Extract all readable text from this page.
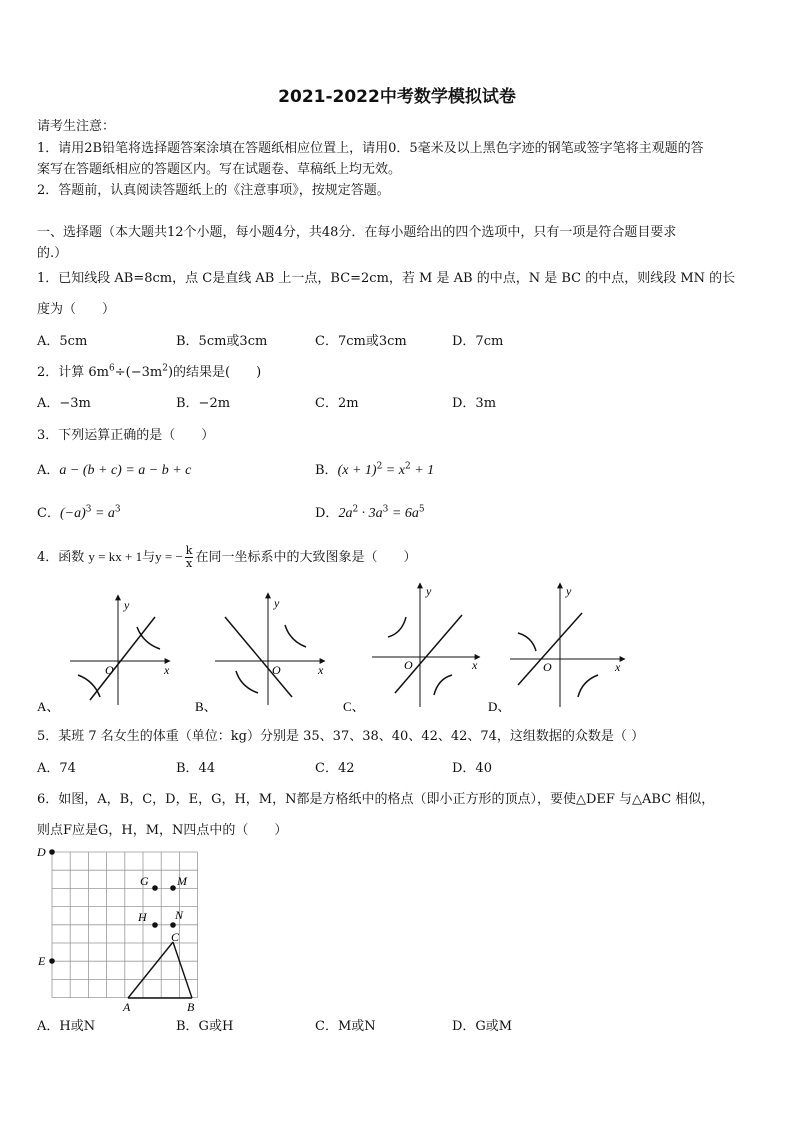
2021-2022中考数学模拟试卷
请考生注意：
1．请用2B铅笔将选择题答案涂填在答题纸相应位置上，请用0．5毫米及以上黑色字迹的钢笔或签字笔将主观题的答
案写在答题纸相应的答题区内。写在试题卷、草稿纸上均无效。
2．答题前，认真阅读答题纸上的《注意事项》，按规定答题。
一、选择题（本大题共12个小题，每小题4分，共48分．在每小题给出的四个选项中，只有一项是符合题目要求
的.）
1．已知线段 AB=8cm，点 C是直线 AB 上一点，BC=2cm，若 M 是 AB 的中点，N 是 BC 的中点，则线段 MN 的长
度为（　　）
A．5cm	B．5cm或3cm	C．7cm或3cm	D．7cm
2．计算 $6m^6\div(-3m^2)$的结果是(　　)
A．−3m	B．−2m	C．2m	D．3m
3．下列运算正确的是（　　）
A．a − (b + c) = a − b + c	B．$(x + 1)^2 = x^2 + 1$
C．$(-a)^3 = a^3$	D．$2a^2 \cdot 3a^3 = 6a^5$
4．函数 y = kx + 1与y = − $\frac{k}{x}$ 在同一坐标系中的大致图象是（　　）
x
y
O
A、
x
y
O
B、
x
y
O
C、
x
y
O
D、
5．某班 7 名女生的体重（单位：kg）分别是 35、37、38、40、42、42、74，这组数据的众数是（ ）
A．74	B．44	C．42	D．40
6．如图，A，B，C，D，E，G，H，M，N都是方格纸中的格点（即小正方形的顶点），要使△DEF 与△ABC 相似，
则点F应是G，H，M，N四点中的（　　）
D
E
G M
H N
C
A	B
A．H或N	B．G或H	C．M或N	D．G或M
